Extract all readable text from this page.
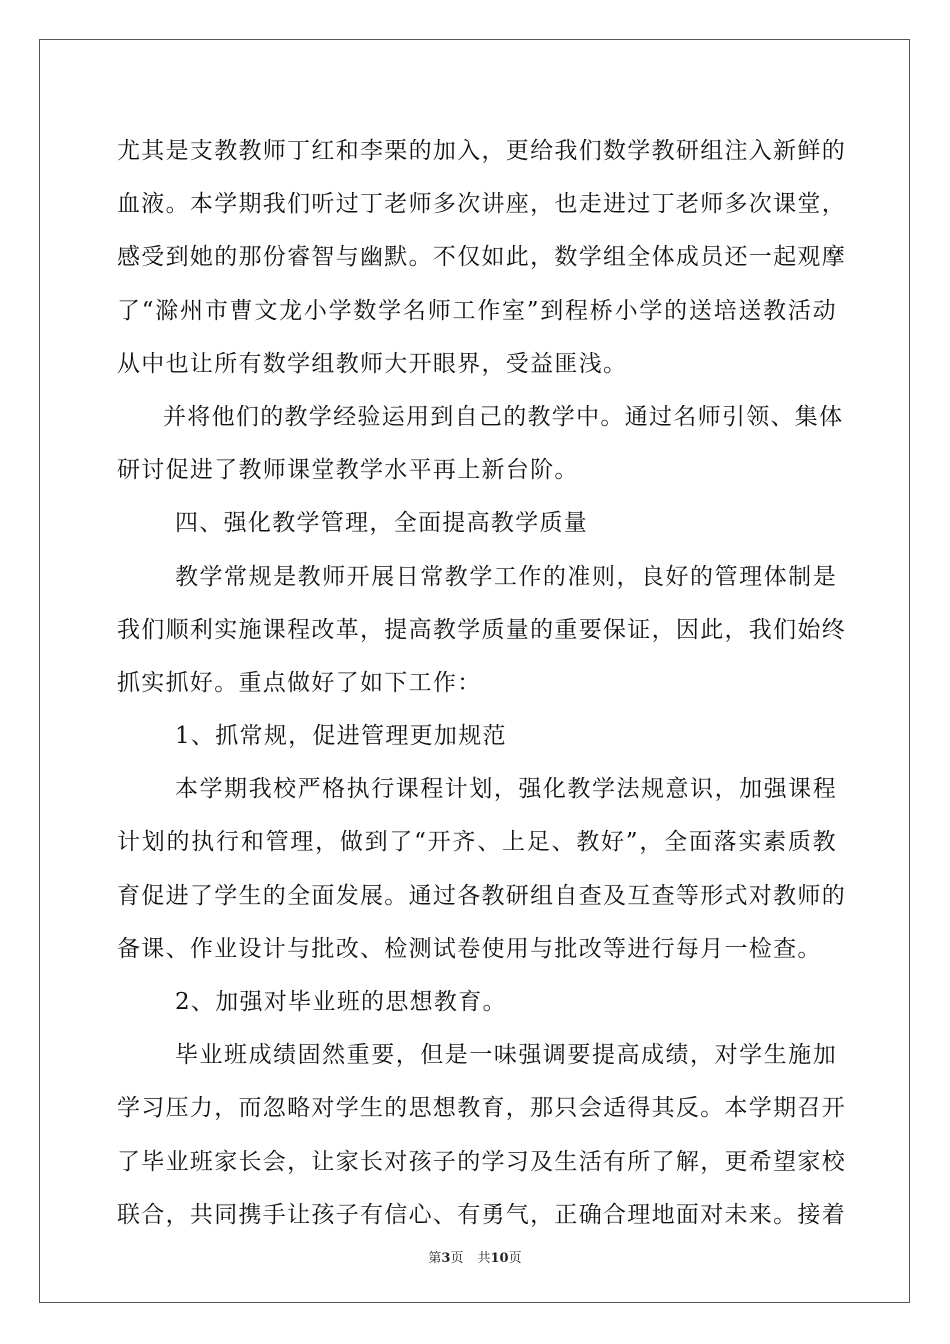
尤其是支教教师丁红和李栗的加入，更给我们数学教研组注入新鲜的
血液。本学期我们听过丁老师多次讲座，也走进过丁老师多次课堂，
感受到她的那份睿智与幽默。不仅如此，数学组全体成员还一起观摩
了“滁州市曹文龙小学数学名师工作室”到程桥小学的送培送教活动
从中也让所有数学组教师大开眼界，受益匪浅。
并将他们的教学经验运用到自己的教学中。通过名师引领、集体
研讨促进了教师课堂教学水平再上新台阶。
四、强化教学管理，全面提高教学质量
教学常规是教师开展日常教学工作的准则，良好的管理体制是
我们顺利实施课程改革，提高教学质量的重要保证，因此，我们始终
抓实抓好。重点做好了如下工作：
1、抓常规，促进管理更加规范
本学期我校严格执行课程计划，强化教学法规意识，加强课程
计划的执行和管理，做到了“开齐、上足、教好”，全面落实素质教
育促进了学生的全面发展。通过各教研组自查及互查等形式对教师的
备课、作业设计与批改、检测试卷使用与批改等进行每月一检查。
2、加强对毕业班的思想教育。
毕业班成绩固然重要，但是一味强调要提高成绩，对学生施加
学习压力，而忽略对学生的思想教育，那只会适得其反。本学期召开
了毕业班家长会，让家长对孩子的学习及生活有所了解，更希望家校
联合，共同携手让孩子有信心、有勇气，正确合理地面对未来。接着
第3页 共10页
